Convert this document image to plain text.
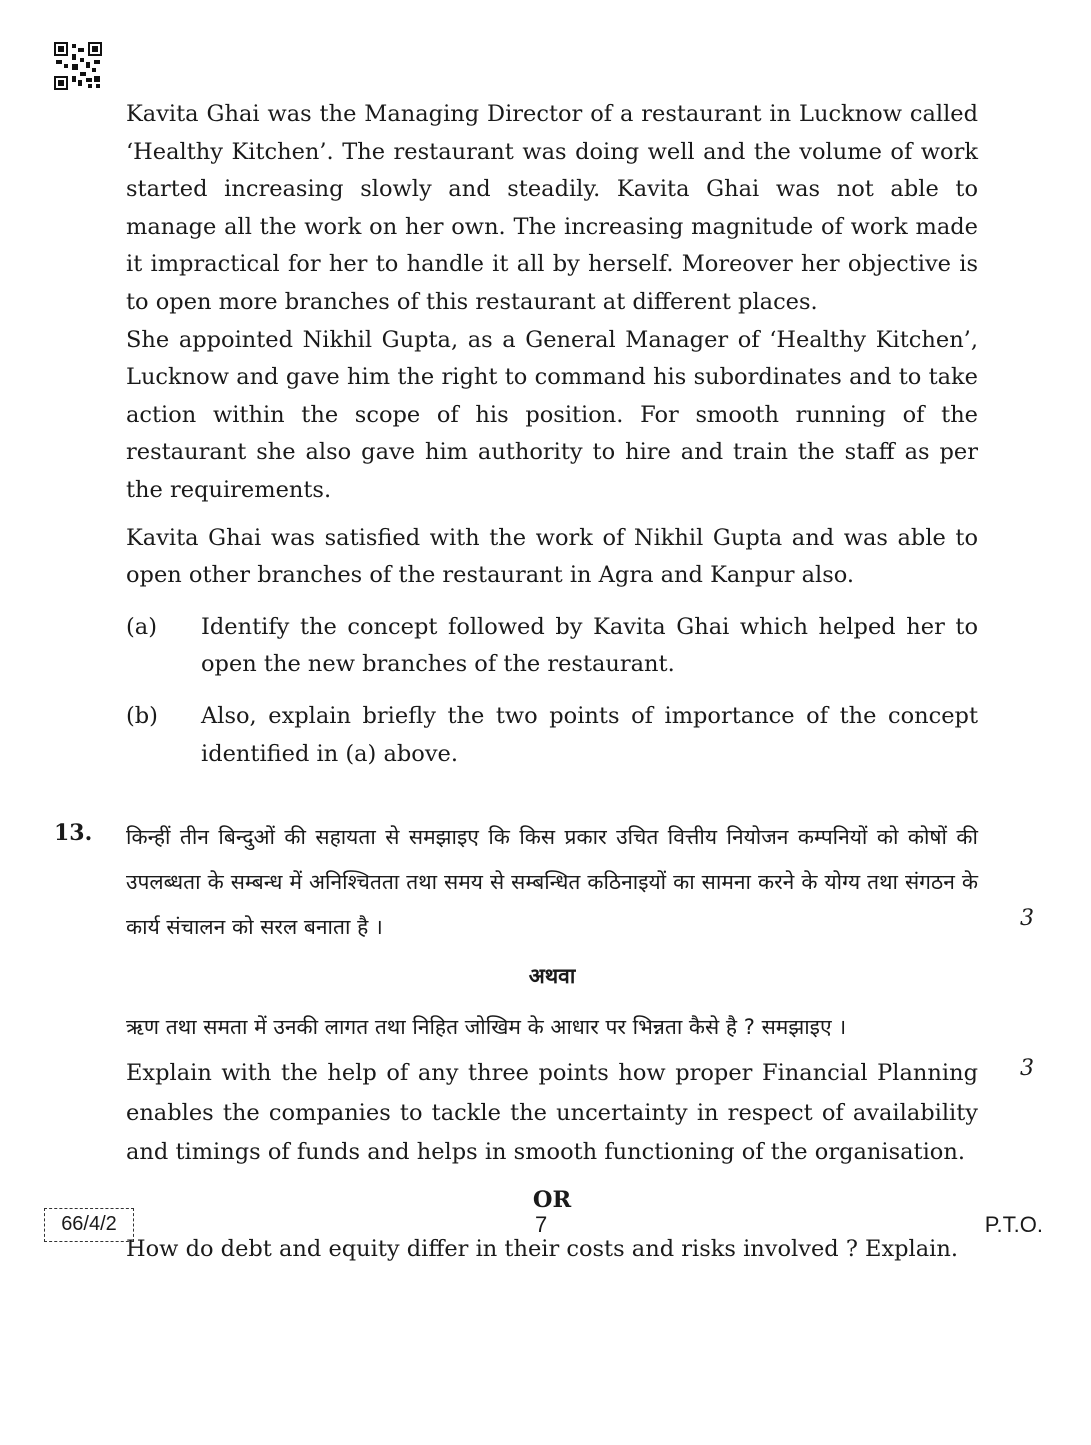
Kavita Ghai was the Managing Director of a restaurant in Lucknow called ‘Healthy Kitchen’. The restaurant was doing well and the volume of work started increasing slowly and steadily. Kavita Ghai was not able to manage all the work on her own. The increasing magnitude of work made it impractical for her to handle it all by herself. Moreover her objective is to open more branches of this restaurant at different places.

She appointed Nikhil Gupta, as a General Manager of ‘Healthy Kitchen’, Lucknow and gave him the right to command his subordinates and to take action within the scope of his position. For smooth running of the restaurant she also gave him authority to hire and train the staff as per the requirements.

Kavita Ghai was satisfied with the work of Nikhil Gupta and was able to open other branches of the restaurant in Agra and Kanpur also.

(a) Identify the concept followed by Kavita Ghai which helped her to open the new branches of the restaurant.
(b) Also, explain briefly the two points of importance of the concept identified in (a) above.
13. किन्हीं तीन बिन्दुओं की सहायता से समझाइए कि किस प्रकार उचित वित्तीय नियोजन कम्पनियों को कोषों की उपलब्धता के सम्बन्ध में अनिश्चितता तथा समय से सम्बन्धित कठिनाइयों का सामना करने के योग्य तथा संगठन के कार्य संचालन को सरल बनाता है ।

अथवा

ऋण तथा समता में उनकी लागत तथा निहित जोखिम के आधार पर भिन्नता कैसे है ? समझाइए ।

Explain with the help of any three points how proper Financial Planning enables the companies to tackle the uncertainty in respect of availability and timings of funds and helps in smooth functioning of the organisation.

OR

How do debt and equity differ in their costs and risks involved ? Explain.

3
3
66/4/2	7	P.T.O.
